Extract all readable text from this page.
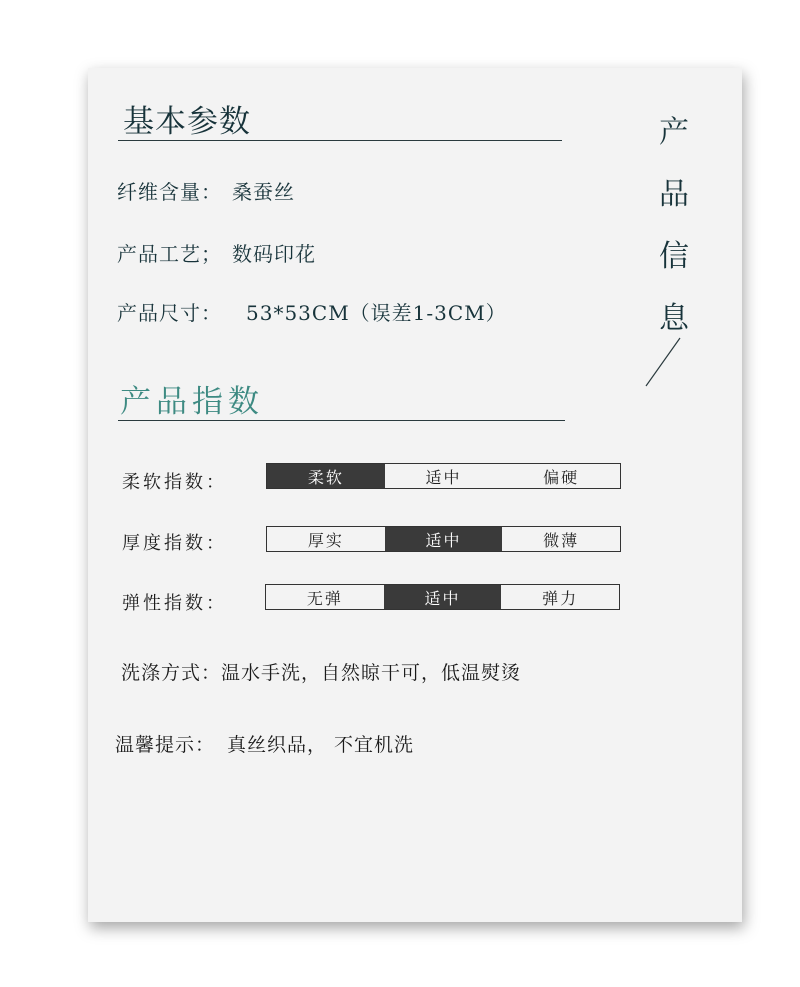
基本参数
纤维含量： 桑蚕丝
产品工艺； 数码印花
产品尺寸： 53*53CM（误差1-3CM）
产品信息
产品指数
柔软指数：	柔软	适中	偏硬
厚度指数：	厚实	适中	微薄
弹性指数：	无弹	适中	弹力
洗涤方式：温水手洗，自然晾干可，低温熨烫
温馨提示： 真丝织品， 不宜机洗
